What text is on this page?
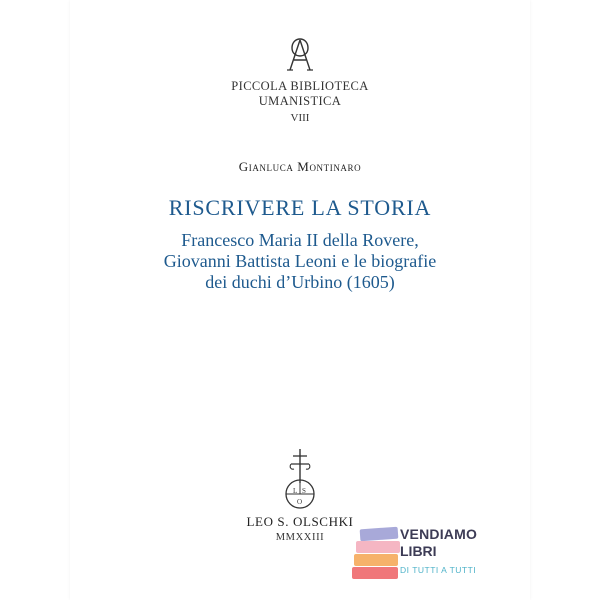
PICCOLA BIBLIOTECA
UMANISTICA
VIII
Gianluca Montinaro
RISCRIVERE LA STORIA
Francesco Maria II della Rovere,
Giovanni Battista Leoni e le biografie
dei duchi d’Urbino (1605)
L S
O
LEO S. OLSCHKI
MMXXIII	VENDIAMO
LIBRI
DI TUTTI A TUTTI
